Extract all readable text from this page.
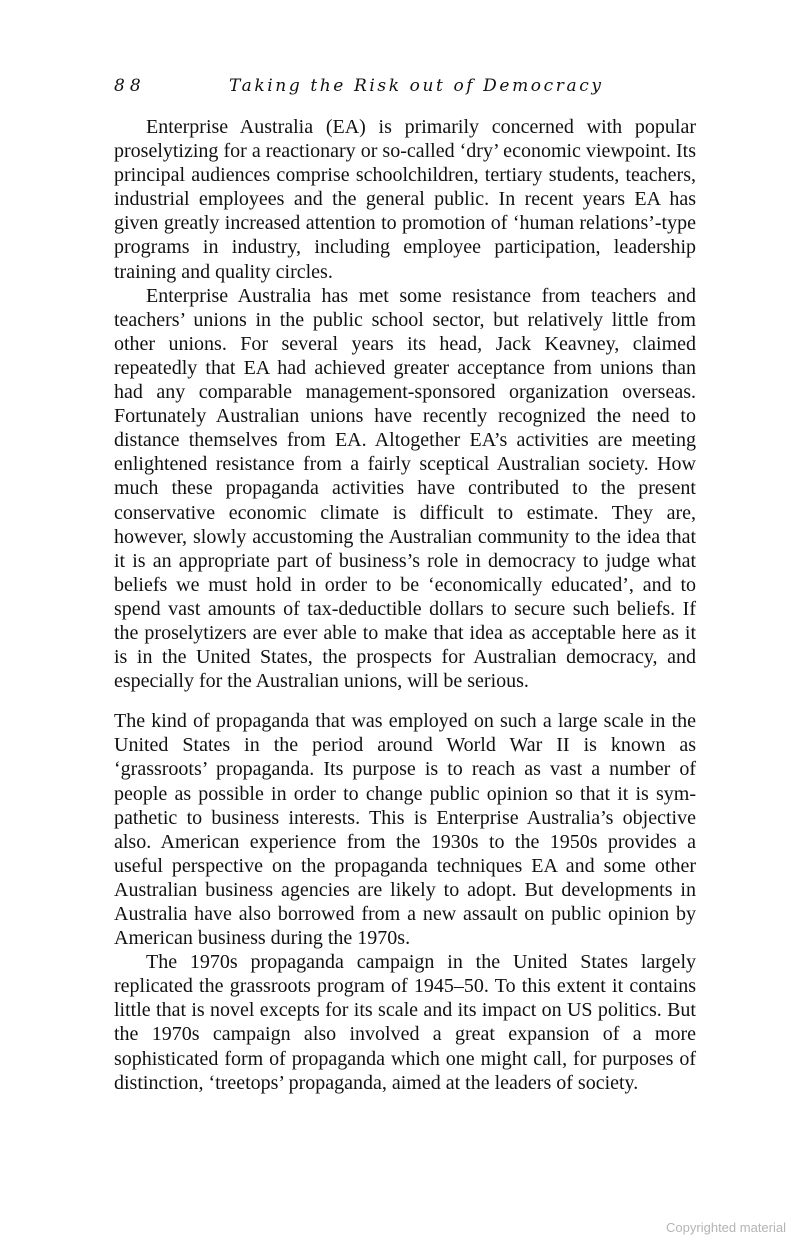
88	Taking the Risk out of Democracy

Enterprise Australia (EA) is primarily concerned with popular proselytizing for a reactionary or so-called ‘dry’ economic viewpoint. Its principal audiences comprise schoolchildren, tertiary students, teachers, industrial employees and the general public. In recent years EA has given greatly increased attention to promotion of ‘human relations’-type programs in industry, including employee participation, leadership training and quality circles.

Enterprise Australia has met some resistance from teachers and teachers’ unions in the public school sector, but relatively little from other unions. For several years its head, Jack Keavney, claimed repeatedly that EA had achieved greater acceptance from unions than had any comparable management-sponsored organization overseas. Fortunately Australian unions have recently recognized the need to distance themselves from EA. Altogether EA’s activities are meeting enlightened resistance from a fairly sceptical Australian society. How much these propaganda activities have contributed to the present conservative economic climate is difficult to estimate. They are, however, slowly accustoming the Australian community to the idea that it is an appropriate part of business’s role in democracy to judge what beliefs we must hold in order to be ‘economically educated’, and to spend vast amounts of tax-deductible dollars to secure such beliefs. If the proselytizers are ever able to make that idea as acceptable here as it is in the United States, the prospects for Australian democracy, and especially for the Australian unions, will be serious.

The kind of propaganda that was employed on such a large scale in the United States in the period around World War II is known as ‘grassroots’ propaganda. Its purpose is to reach as vast a number of people as possible in order to change public opinion so that it is sympathetic to business interests. This is Enterprise Australia’s objective also. American experience from the 1930s to the 1950s provides a useful perspective on the propaganda techniques EA and some other Australian business agencies are likely to adopt. But developments in Australia have also borrowed from a new assault on public opinion by American business during the 1970s.

The 1970s propaganda campaign in the United States largely replicated the grassroots program of 1945–50. To this extent it contains little that is novel excepts for its scale and its impact on US politics. But the 1970s campaign also involved a great expansion of a more sophisticated form of propaganda which one might call, for purposes of distinction, ‘treetops’ propaganda, aimed at the leaders of society.

Copyrighted material
